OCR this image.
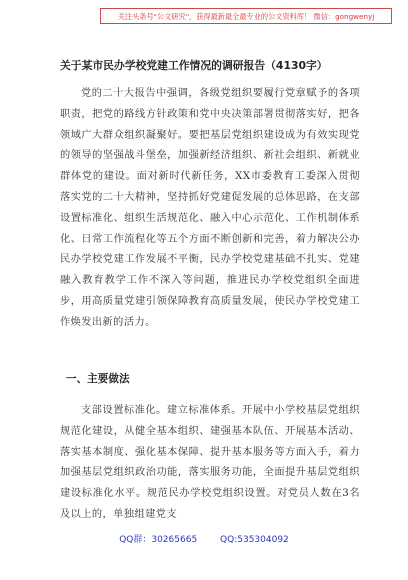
关注头条号"公文研究"，获得最新最全最专业的公文资料库！ 微信：gongwenyj
关于某市民办学校党建工作情况的调研报告（4130字）

党的二十大报告中强调，各级党组织要履行党章赋予的各项职责，把党的路线方针政策和党中央决策部署贯彻落实好，把各领域广大群众组织凝聚好。要把基层党组织建设成为有效实现党的领导的坚强战斗堡垒，加强新经济组织、新社会组织、新就业群体党的建设。面对新时代新任务，XX市委教育工委深入贯彻落实党的二十大精神，坚持抓好党建促发展的总体思路，在支部设置标准化、组织生活规范化、融入中心示范化、工作机制体系化、日常工作流程化等五个方面不断创新和完善，着力解决公办民办学校党建工作发展不平衡，民办学校党建基础不扎实、党建融入教育教学工作不深入等问题，推进民办学校党组织全面进步，用高质量党建引领保障教育高质量发展，使民办学校党建工作焕发出新的活力。

一、主要做法

支部设置标准化。建立标准体系。开展中小学校基层党组织规范化建设，从健全基本组织、建强基本队伍、开展基本活动、落实基本制度、强化基本保障、提升基本服务等方面入手，着力加强基层党组织政治功能，落实服务功能，全面提升基层党组织建设标准化水平。规范民办学校党组织设置。对党员人数在3名及以上的，单独组建党支

QQ群：30265665	QQ:535304092
